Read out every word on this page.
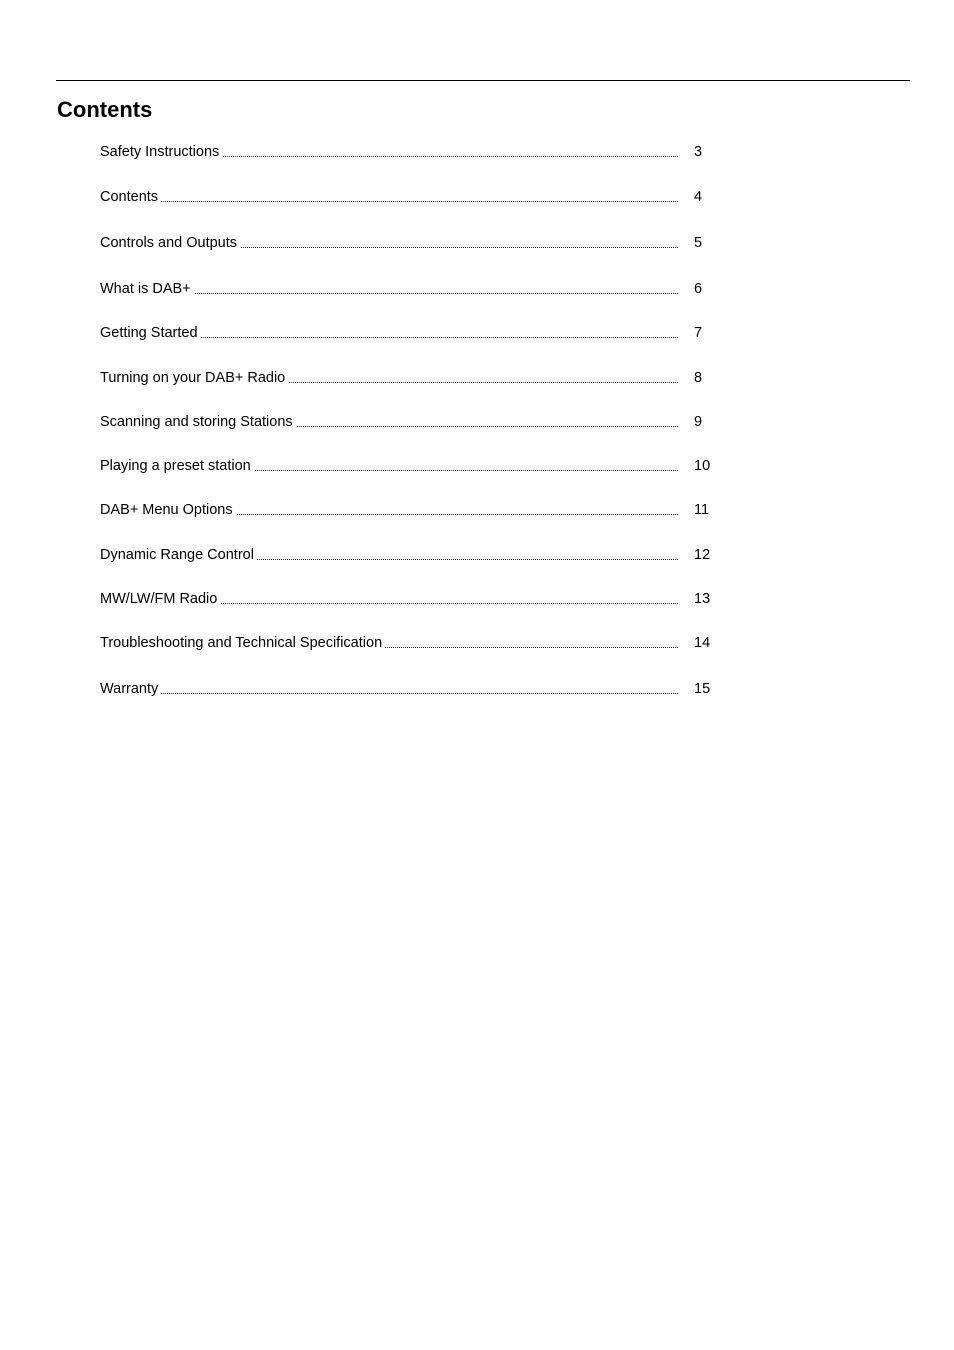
Contents
Safety Instructions	3
Contents	4
Controls and Outputs	5
What is DAB+	6
Getting Started	7
Turning on your DAB+ Radio	8
Scanning and storing Stations	9
Playing a preset station	10
DAB+ Menu Options	11
Dynamic Range Control	12
MW/LW/FM Radio	13
Troubleshooting and Technical Specification	14
Warranty	15
